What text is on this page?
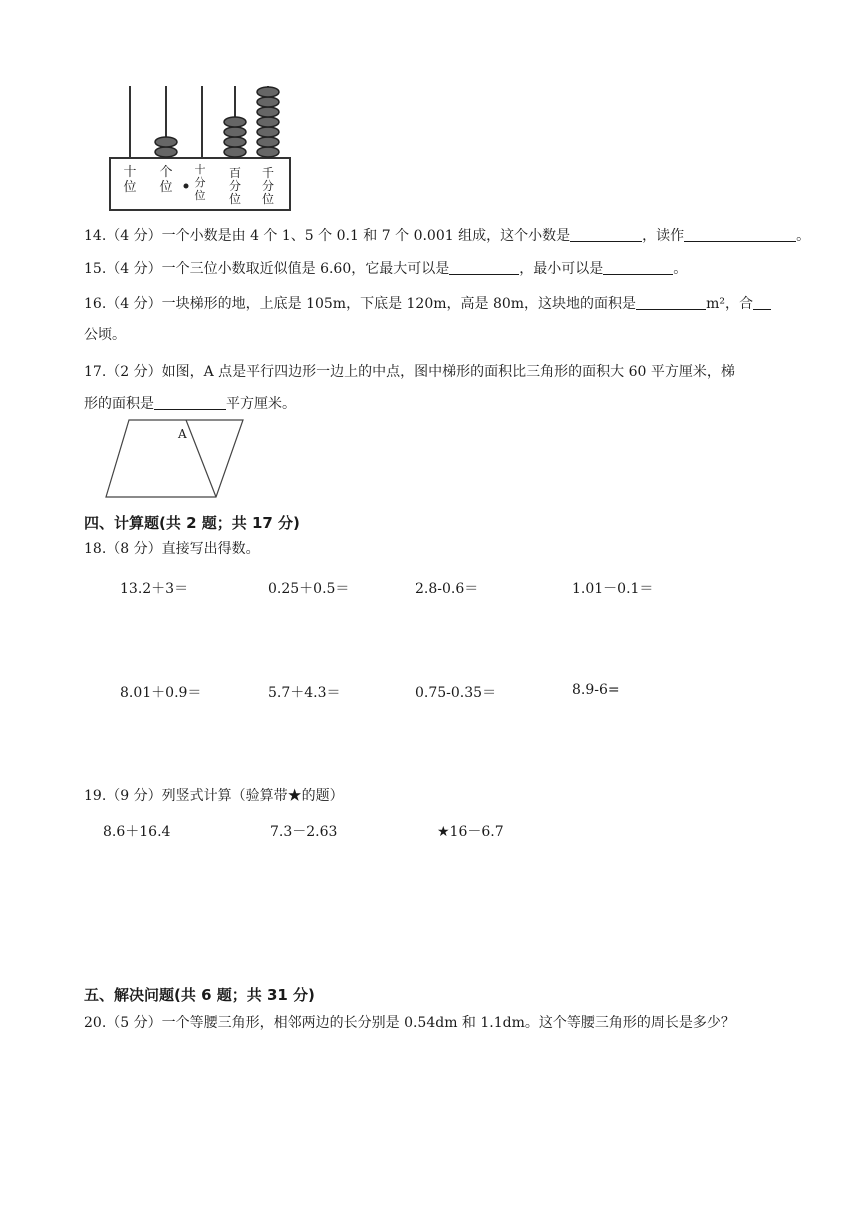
十位
个位
十分位
百分位
千分位
14.（4 分）一个小数是由 4 个 1、5 个 0.1 和 7 个 0.001 组成，这个小数是	，读作	。
15.（4 分）一个三位小数取近似值是 6.60，它最大可以是	，最小可以是	。
16.（4 分）一块梯形的地，上底是 105m，下底是 120m，高是 80m，这块地的面积是	m²，合
公顷。
17.（2 分）如图，A 点是平行四边形一边上的中点，图中梯形的面积比三角形的面积大 60 平方厘米，梯
形的面积是	平方厘米。
A
四、计算题(共 2 题；共 17 分)
18.（8 分）直接写出得数。
13.2＋3＝	0.25＋0.5＝	2.8-0.6＝	1.01－0.1＝
8.01＋0.9＝	5.7＋4.3＝	0.75-0.35＝	8.9-6=
19.（9 分）列竖式计算（验算带★的题）
8.6＋16.4	7.3－2.63	★16－6.7
五、解决问题(共 6 题；共 31 分)
20.（5 分）一个等腰三角形，相邻两边的长分别是 0.54dm 和 1.1dm。这个等腰三角形的周长是多少？
